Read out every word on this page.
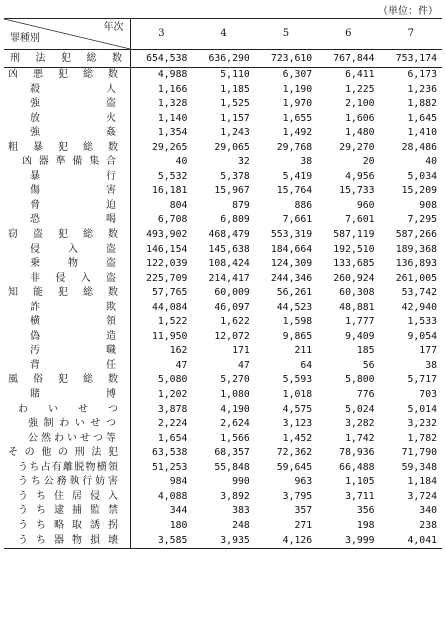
（単位：件）
年次
罪種別	3	4	5	6	7

刑法犯総数	654,538	636,290	723,610	767,844	753,174

凶悪犯総数	4,988	5,110	6,307	6,411	6,173

殺人	1,166	1,185	1,190	1,225	1,236

強盗	1,328	1,525	1,970	2,100	1,882

放火	1,140	1,157	1,655	1,606	1,645

強姦	1,354	1,243	1,492	1,480	1,410

粗暴犯総数	29,265	29,065	29,768	29,270	28,486

凶器準備集合	40	32	38	20	40

暴行	5,532	5,378	5,419	4,956	5,034

傷害	16,181	15,967	15,764	15,733	15,209

脅迫	804	879	886	960	908

恐喝	6,708	6,809	7,661	7,601	7,295

窃盗犯総数	493,902	468,479	553,319	587,119	587,266

侵入盗	146,154	145,638	184,664	192,510	189,368

乗物盗	122,039	108,424	124,309	133,685	136,893

非侵入盗	225,709	214,417	244,346	260,924	261,005

知能犯総数	57,765	60,009	56,261	60,308	53,742

詐欺	44,084	46,097	44,523	48,881	42,940

横領	1,522	1,622	1,598	1,777	1,533

偽造	11,950	12,072	9,865	9,409	9,054

汚職	162	171	211	185	177

背任	47	47	64	56	38

風俗犯総数	5,080	5,270	5,593	5,800	5,717

賭博	1,202	1,080	1,018	776	703

わいせつ	3,878	4,190	4,575	5,024	5,014

強制わいせつ	2,224	2,624	3,123	3,282	3,232

公然わいせつ等	1,654	1,566	1,452	1,742	1,782

その他の刑法犯	63,538	68,357	72,362	78,936	71,790

うち占有離脱物横領	51,253	55,848	59,645	66,488	59,348

うち公務執行妨害	984	990	963	1,105	1,184

うち住居侵入	4,088	3,892	3,795	3,711	3,724

うち逮捕監禁	344	383	357	356	340

うち略取誘拐	180	248	271	198	238

うち器物損壊	3,585	3,935	4,126	3,999	4,041
